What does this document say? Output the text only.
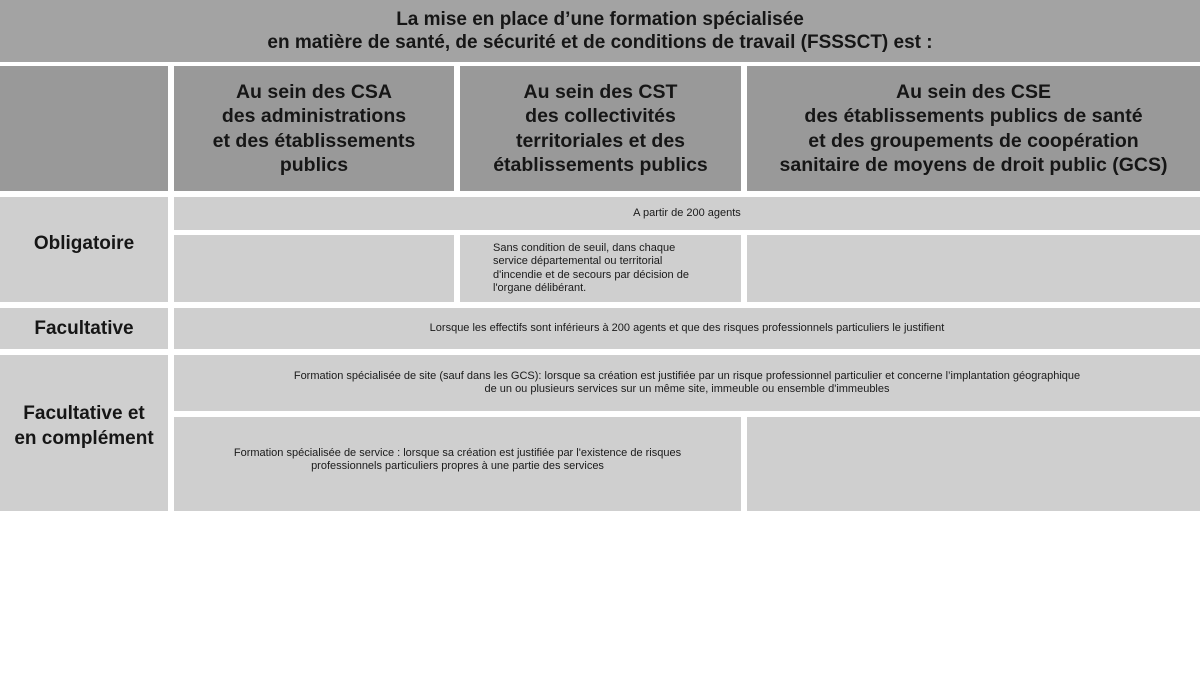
La mise en place d’une formation spécialisée
en matière de santé, de sécurité et de conditions de travail (FSSSCT) est :
Au sein des CSA
des administrations
et des établissements
publics
Au sein des CST
des collectivités
territoriales et des
établissements publics
Au sein des CSE
des établissements publics de santé
et des groupements de coopération
sanitaire de moyens de droit public (GCS)
Obligatoire
A partir de 200 agents
Sans condition de seuil, dans chaque
service départemental ou territorial
d'incendie et de secours par décision de
l'organe délibérant.
Facultative	Lorsque les effectifs sont inférieurs à 200 agents et que des risques professionnels particuliers le justifient
Facultative et
en complément
Formation spécialisée de site (sauf dans les GCS): lorsque sa création est justifiée par un risque professionnel particulier et concerne l’implantation géographique
de un ou plusieurs services sur un même site, immeuble ou ensemble d'immeubles
Formation spécialisée de service : lorsque sa création est justifiée par l'existence de risques
professionnels particuliers propres à une partie des services
